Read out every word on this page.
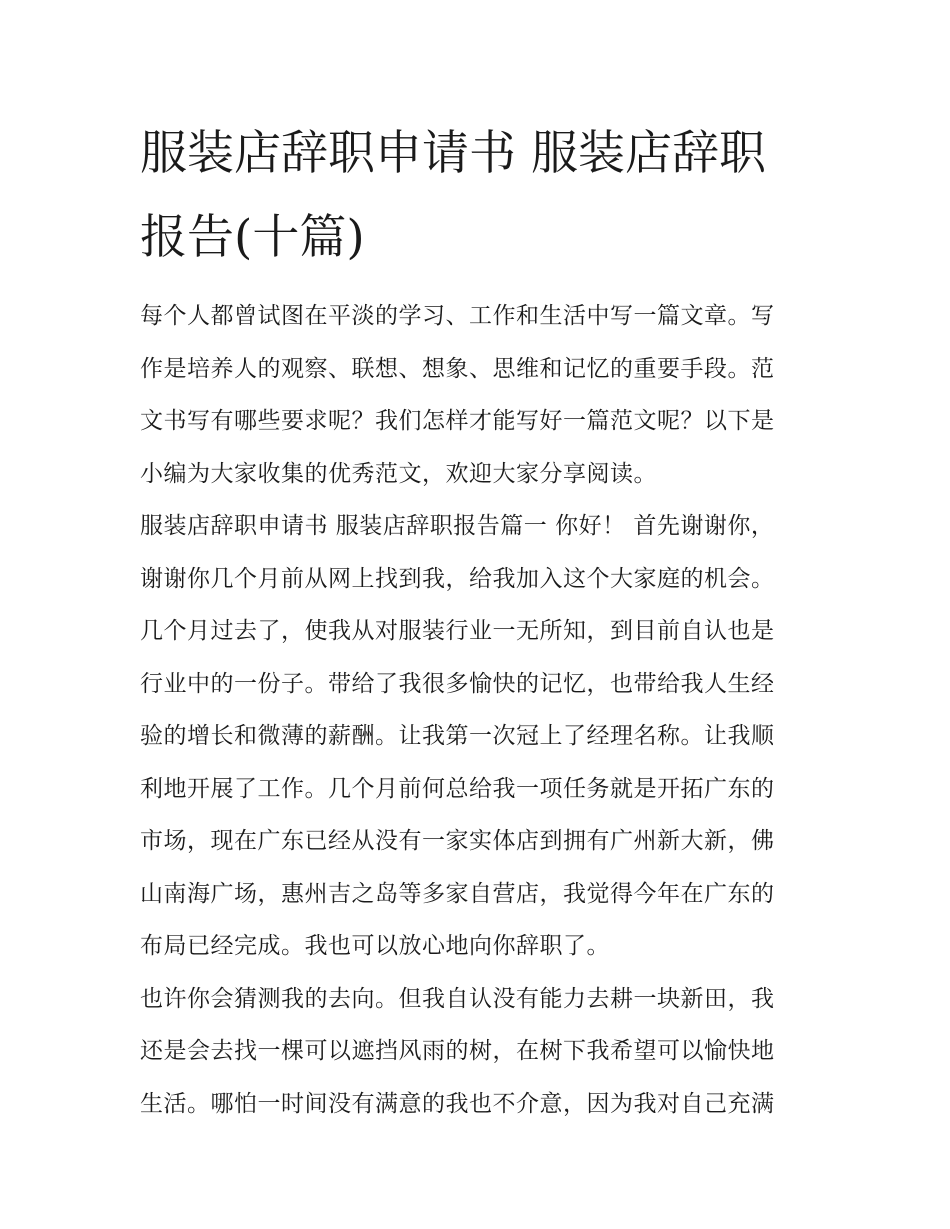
服装店辞职申请书 服装店辞职
报告(十篇)
每个人都曾试图在平淡的学习、工作和生活中写一篇文章。写
作是培养人的观察、联想、想象、思维和记忆的重要手段。范
文书写有哪些要求呢？我们怎样才能写好一篇范文呢？以下是
小编为大家收集的优秀范文，欢迎大家分享阅读。
服装店辞职申请书 服装店辞职报告篇一 你好！ 首先谢谢你，
谢谢你几个月前从网上找到我，给我加入这个大家庭的机会。
几个月过去了，使我从对服装行业一无所知，到目前自认也是
行业中的一份子。带给了我很多愉快的记忆，也带给我人生经
验的增长和微薄的薪酬。让我第一次冠上了经理名称。让我顺
利地开展了工作。几个月前何总给我一项任务就是开拓广东的
市场，现在广东已经从没有一家实体店到拥有广州新大新，佛
山南海广场，惠州吉之岛等多家自营店，我觉得今年在广东的
布局已经完成。我也可以放心地向你辞职了。
也许你会猜测我的去向。但我自认没有能力去耕一块新田，我
还是会去找一棵可以遮挡风雨的树，在树下我希望可以愉快地
生活。哪怕一时间没有满意的我也不介意，因为我对自己充满
